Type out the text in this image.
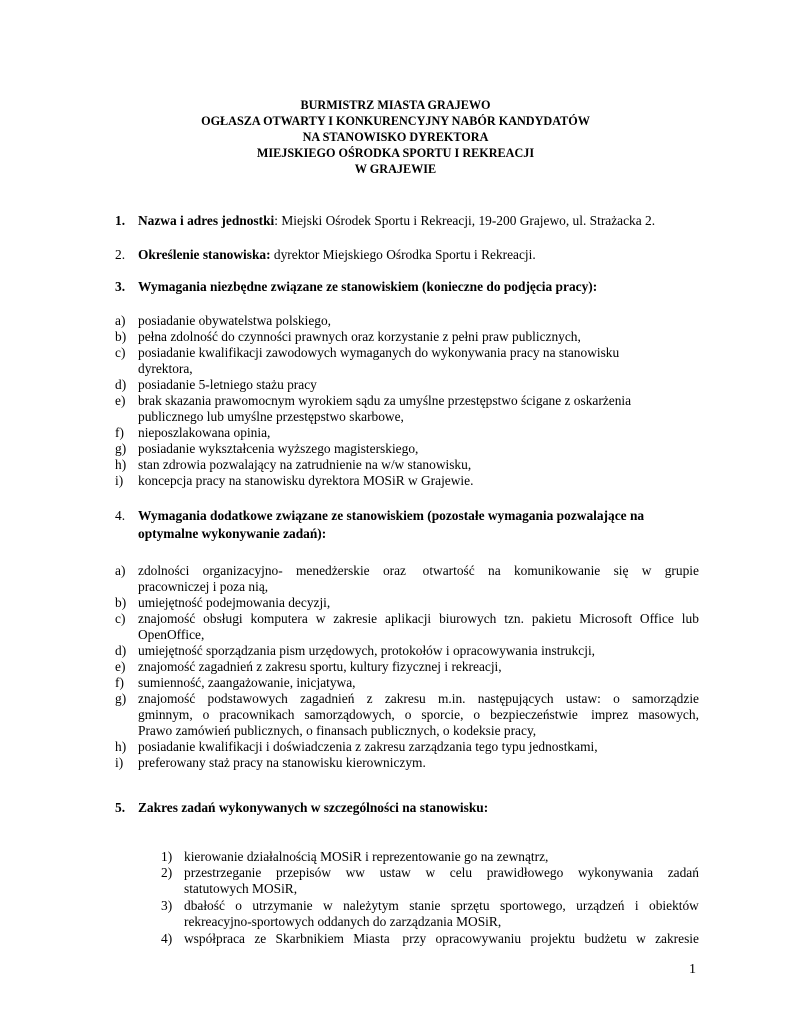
BURMISTRZ MIASTA GRAJEWO
OGŁASZA OTWARTY I KONKURENCYJNY NABÓR KANDYDATÓW
NA STANOWISKO DYREKTORA
MIEJSKIEGO OŚRODKA SPORTU I REKREACJI
W GRAJEWIE
1. Nazwa i adres jednostki: Miejski Ośrodek Sportu i Rekreacji, 19-200 Grajewo, ul. Strażacka 2.
2. Określenie stanowiska: dyrektor Miejskiego Ośrodka Sportu i Rekreacji.
3. Wymagania niezbędne związane ze stanowiskiem (konieczne do podjęcia pracy):
a) posiadanie obywatelstwa polskiego,
b) pełna zdolność do czynności prawnych oraz korzystanie z pełni praw publicznych,
c) posiadanie kwalifikacji zawodowych wymaganych do wykonywania pracy na stanowisku
dyrektora,
d) posiadanie 5-letniego stażu pracy
e) brak skazania prawomocnym wyrokiem sądu za umyślne przestępstwo ścigane z oskarżenia
publicznego lub umyślne przestępstwo skarbowe,
f) nieposzlakowana opinia,
g) posiadanie wykształcenia wyższego magisterskiego,
h) stan zdrowia pozwalający na zatrudnienie na w/w stanowisku,
i) koncepcja pracy na stanowisku dyrektora MOSiR w Grajewie.
4. Wymagania dodatkowe związane ze stanowiskiem (pozostałe wymagania pozwalające na
optymalne wykonywanie zadań):
a) zdolności organizacyjno- menedżerskie oraz otwartość na komunikowanie się w grupie
pracowniczej i poza nią,
b) umiejętność podejmowania decyzji,
c) znajomość obsługi komputera w zakresie aplikacji biurowych tzn. pakietu Microsoft Office lub
OpenOffice,
d) umiejętność sporządzania pism urzędowych, protokołów i opracowywania instrukcji,
e) znajomość zagadnień z zakresu sportu, kultury fizycznej i rekreacji,
f) sumienność, zaangażowanie, inicjatywa,
g) znajomość podstawowych zagadnień z zakresu m.in. następujących ustaw: o samorządzie
gminnym, o pracownikach samorządowych, o sporcie, o bezpieczeństwie imprez masowych,
Prawo zamówień publicznych, o finansach publicznych, o kodeksie pracy,
h) posiadanie kwalifikacji i doświadczenia z zakresu zarządzania tego typu jednostkami,
i) preferowany staż pracy na stanowisku kierowniczym.
5. Zakres zadań wykonywanych w szczególności na stanowisku:
1) kierowanie działalnością MOSiR i reprezentowanie go na zewnątrz,
2) przestrzeganie przepisów ww ustaw w celu prawidłowego wykonywania zadań
statutowych MOSiR,
3) dbałość o utrzymanie w należytym stanie sprzętu sportowego, urządzeń i obiektów
rekreacyjno-sportowych oddanych do zarządzania MOSiR,
4) współpraca ze Skarbnikiem Miasta przy opracowywaniu projektu budżetu w zakresie
1
